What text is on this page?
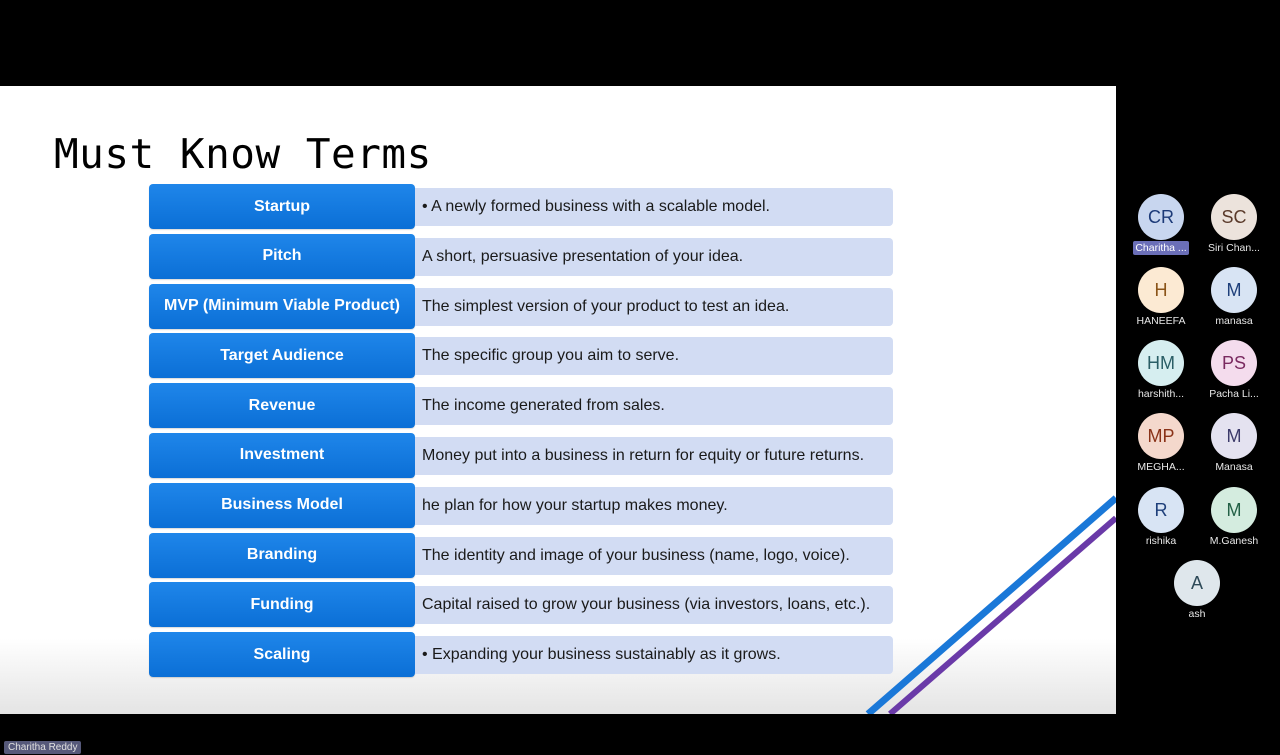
Must Know Terms
Startup	• A newly formed business with a scalable model.
Pitch	A short, persuasive presentation of your idea.
MVP (Minimum Viable Product)	The simplest version of your product to test an idea.
Target Audience	The specific group you aim to serve.
Revenue	The income generated from sales.
Investment	Money put into a business in return for equity or future returns.
Business Model	he plan for how your startup makes money.
Branding	The identity and image of your business (name, logo, voice).
Funding	Capital raised to grow your business (via investors, loans, etc.).
Scaling	• Expanding your business sustainably as it grows.
CR
Charitha ...
SC
Siri Chan...
H
HANEEFA
M
manasa
HM
harshith...
PS
Pacha Li...
MP
MEGHA...
M
Manasa
R
rishika
M
M.Ganesh
A
ash
Charitha Reddy
